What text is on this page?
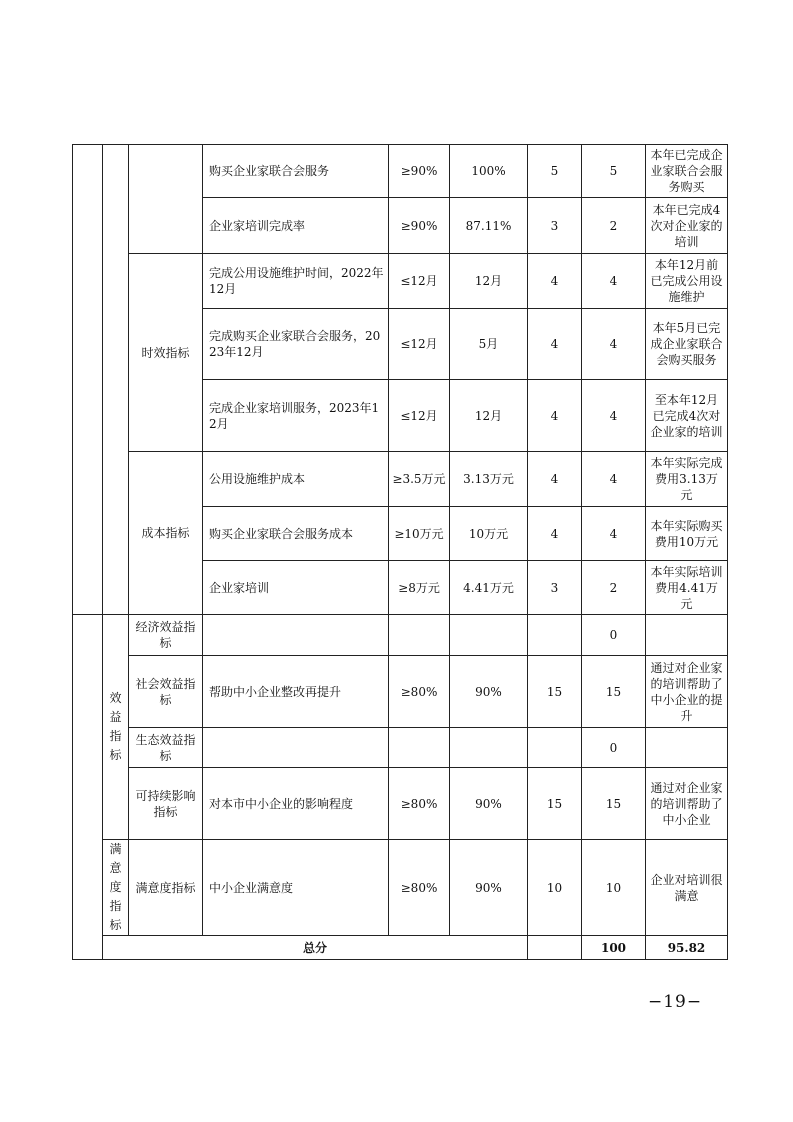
			购买企业家联合会服务	≥90%	100%	5	5	本年已完成企业家联合会服务购买	
			企业家培训完成率	≥90%	87.11%	3	2	本年已完成4次对企业家的培训	
		时效指标	完成公用设施维护时间，2022年12月	≤12月	12月	4	4	本年12月前已完成公用设施维护	
			完成购买企业家联合会服务，2023年12月	≤12月	5月	4	4	本年5月已完成企业家联合会购买服务	
			完成企业家培训服务，2023年12月	≤12月	12月	4	4	至本年12月已完成4次对企业家的培训	
		成本指标	公用设施维护成本	≥3.5万元	3.13万元	4	4	本年实际完成费用3.13万元	
			购买企业家联合会服务成本	≥10万元	10万元	4	4	本年实际购买费用10万元	
			企业家培训	≥8万元	4.41万元	3	2	本年实际培训费用4.41万元	
	效益指标	经济效益指标					0		
		社会效益指标	帮助中小企业整改再提升	≥80%	90%	15	15	通过对企业家的培训帮助了中小企业的提升	
		生态效益指标					0		
		可持续影响指标	对本市中小企业的影响程度	≥80%	90%	15	15	通过对企业家的培训帮助了中小企业	
	满意度指标	满意度指标	中小企业满意度	≥80%	90%	10	10	企业对培训很满意	
	总分						100	95.82	
−19−
